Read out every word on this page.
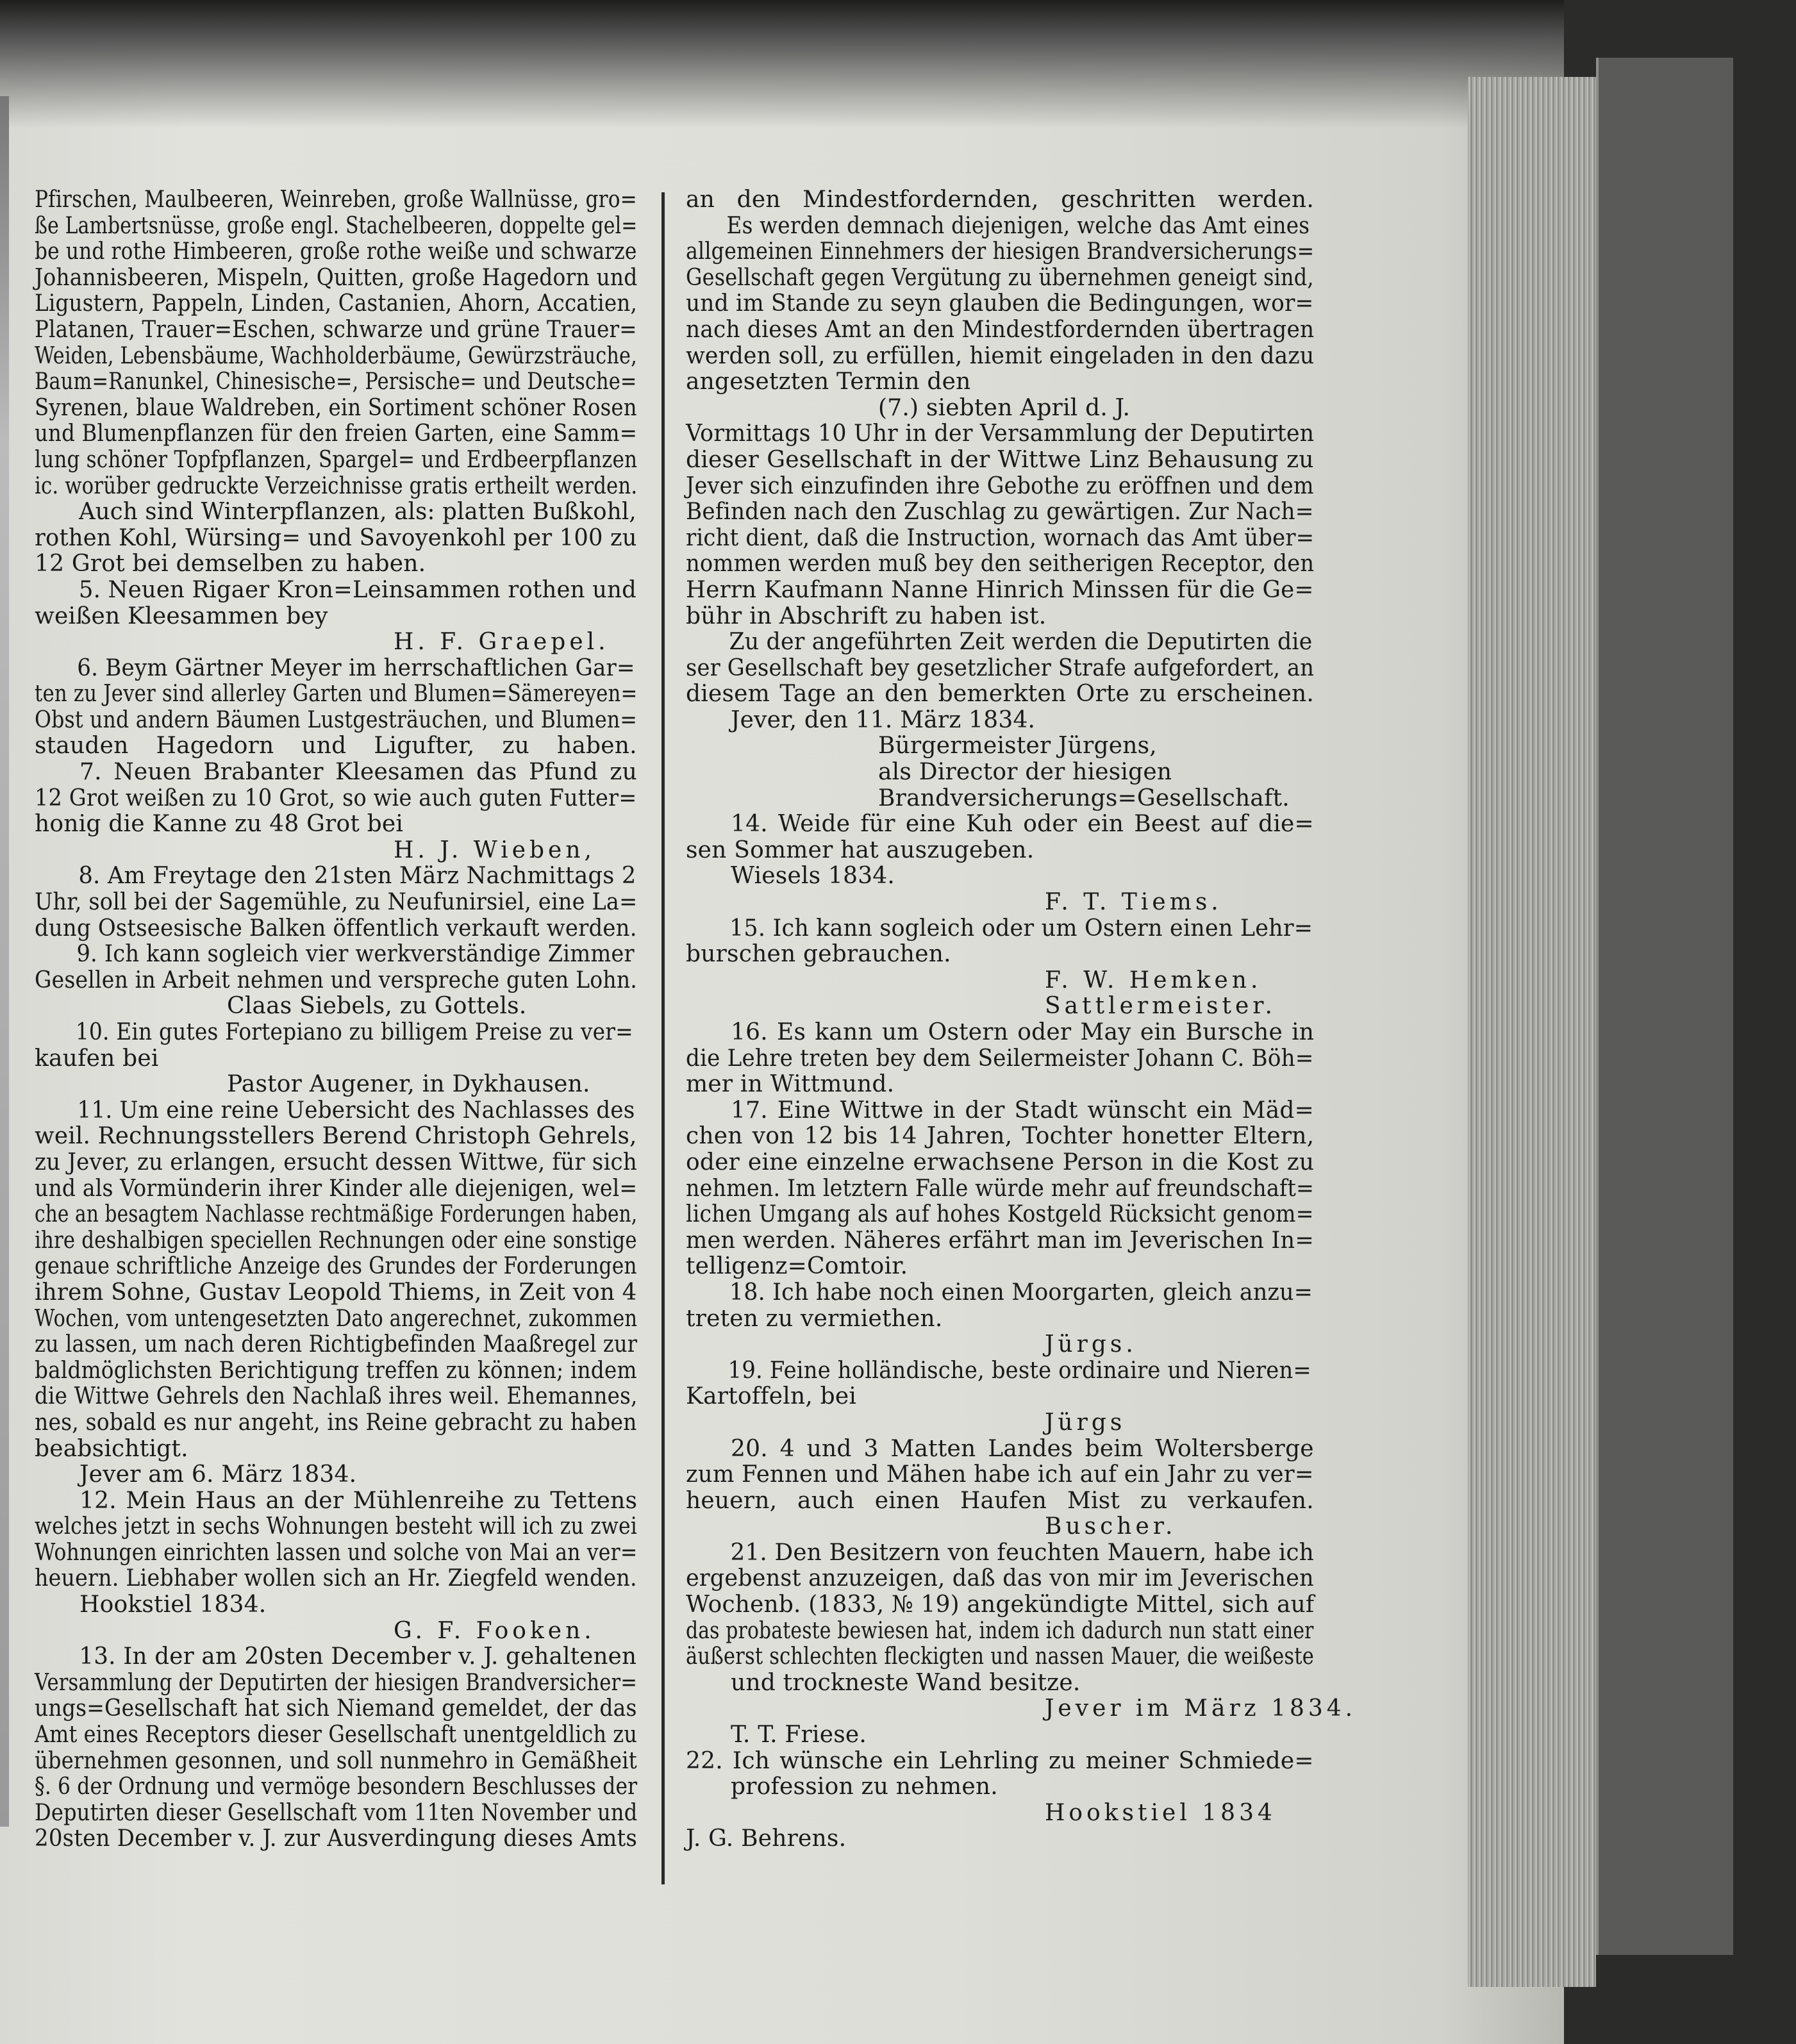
Pfirschen, Maulbeeren, Weinreben, große Wallnüsse, gro=
ße Lambertsnüsse, große engl. Stachelbeeren, doppelte gel=
be und rothe Himbeeren, große rothe weiße und schwarze
Johannisbeeren, Mispeln, Quitten, große Hagedorn und
Ligustern, Pappeln, Linden, Castanien, Ahorn, Accatien,
Platanen, Trauer=Eschen, schwarze und grüne Trauer=
Weiden, Lebensbäume, Wachholderbäume, Gewürzsträuche,
Baum=Ranunkel, Chinesische=, Persische= und Deutsche=
Syrenen, blaue Waldreben, ein Sortiment schöner Rosen
und Blumenpflanzen für den freien Garten, eine Samm=
lung schöner Topfpflanzen, Spargel= und Erdbeerpflanzen
ic. worüber gedruckte Verzeichnisse gratis ertheilt werden.
Auch sind Winterpflanzen, als: platten Bußkohl,
rothen Kohl, Würsing= und Savoyenkohl per 100 zu
12 Grot bei demselben zu haben.
5. Neuen Rigaer Kron=Leinsammen rothen und
weißen Kleesammen bey
H. F. Graepel.
6. Beym Gärtner Meyer im herrschaftlichen Gar=
ten zu Jever sind allerley Garten und Blumen=Sämereyen=
Obst und andern Bäumen Lustgesträuchen, und Blumen=
stauden Hagedorn und Ligufter, zu haben.
7. Neuen Brabanter Kleesamen das Pfund zu
12 Grot weißen zu 10 Grot, so wie auch guten Futter=
honig die Kanne zu 48 Grot bei
H. J. Wieben,
8. Am Freytage den 21sten März Nachmittags 2
Uhr, soll bei der Sagemühle, zu Neufunirsiel, eine La=
dung Ostseesische Balken öffentlich verkauft werden.
9. Ich kann sogleich vier werkverständige Zimmer
Gesellen in Arbeit nehmen und verspreche guten Lohn.
Claas Siebels, zu Gottels.
10. Ein gutes Fortepiano zu billigem Preise zu ver=
kaufen bei
Pastor Augener, in Dykhausen.
11. Um eine reine Uebersicht des Nachlasses des
weil. Rechnungsstellers Berend Christoph Gehrels,
zu Jever, zu erlangen, ersucht dessen Wittwe, für sich
und als Vormünderin ihrer Kinder alle diejenigen, wel=
che an besagtem Nachlasse rechtmäßige Forderungen haben,
ihre deshalbigen speciellen Rechnungen oder eine sonstige
genaue schriftliche Anzeige des Grundes der Forderungen
ihrem Sohne, Gustav Leopold Thiems, in Zeit von 4
Wochen, vom untengesetzten Dato angerechnet, zukommen
zu lassen, um nach deren Richtigbefinden Maaßregel zur
baldmöglichsten Berichtigung treffen zu können; indem
die Wittwe Gehrels den Nachlaß ihres weil. Ehemannes,
nes, sobald es nur angeht, ins Reine gebracht zu haben
beabsichtigt.
Jever am 6. März 1834.
12. Mein Haus an der Mühlenreihe zu Tettens
welches jetzt in sechs Wohnungen besteht will ich zu zwei
Wohnungen einrichten lassen und solche von Mai an ver=
heuern. Liebhaber wollen sich an Hr. Ziegfeld wenden.
Hookstiel 1834.
G. F. Fooken.
13. In der am 20sten December v. J. gehaltenen
Versammlung der Deputirten der hiesigen Brandversicher=
ungs=Gesellschaft hat sich Niemand gemeldet, der das
Amt eines Receptors dieser Gesellschaft unentgeldlich zu
übernehmen gesonnen, und soll nunmehro in Gemäßheit
§. 6 der Ordnung und vermöge besondern Beschlusses der
Deputirten dieser Gesellschaft vom 11ten November und
20sten December v. J. zur Ausverdingung dieses Amts
an den Mindestfordernden, geschritten werden.
Es werden demnach diejenigen, welche das Amt eines
allgemeinen Einnehmers der hiesigen Brandversicherungs=
Gesellschaft gegen Vergütung zu übernehmen geneigt sind,
und im Stande zu seyn glauben die Bedingungen, wor=
nach dieses Amt an den Mindestfordernden übertragen
werden soll, zu erfüllen, hiemit eingeladen in den dazu
angesetzten Termin den
(7.) siebten April d. J.
Vormittags 10 Uhr in der Versammlung der Deputirten
dieser Gesellschaft in der Wittwe Linz Behausung zu
Jever sich einzufinden ihre Gebothe zu eröffnen und dem
Befinden nach den Zuschlag zu gewärtigen. Zur Nach=
richt dient, daß die Instruction, wornach das Amt über=
nommen werden muß bey den seitherigen Receptor, den
Herrn Kaufmann Nanne Hinrich Minssen für die Ge=
bühr in Abschrift zu haben ist.
Zu der angeführten Zeit werden die Deputirten die
ser Gesellschaft bey gesetzlicher Strafe aufgefordert, an
diesem Tage an den bemerkten Orte zu erscheinen.
Jever, den 11. März 1834.
Bürgermeister Jürgens,
als Director der hiesigen
Brandversicherungs=Gesellschaft.
14. Weide für eine Kuh oder ein Beest auf die=
sen Sommer hat auszugeben.
Wiesels 1834.
F. T. Tiems.
15. Ich kann sogleich oder um Ostern einen Lehr=
burschen gebrauchen.
F. W. Hemken.
Sattlermeister.
16. Es kann um Ostern oder May ein Bursche in
die Lehre treten bey dem Seilermeister Johann C. Böh=
mer in Wittmund.
17. Eine Wittwe in der Stadt wünscht ein Mäd=
chen von 12 bis 14 Jahren, Tochter honetter Eltern,
oder eine einzelne erwachsene Person in die Kost zu
nehmen. Im letztern Falle würde mehr auf freundschaft=
lichen Umgang als auf hohes Kostgeld Rücksicht genom=
men werden. Näheres erfährt man im Jeverischen In=
telligenz=Comtoir.
18. Ich habe noch einen Moorgarten, gleich anzu=
treten zu vermiethen.
Jürgs.
19. Feine holländische, beste ordinaire und Nieren=
Kartoffeln, bei
Jürgs
20. 4 und 3 Matten Landes beim Woltersberge
zum Fennen und Mähen habe ich auf ein Jahr zu ver=
heuern, auch einen Haufen Mist zu verkaufen.
Buscher.
21. Den Besitzern von feuchten Mauern, habe ich
ergebenst anzuzeigen, daß das von mir im Jeverischen
Wochenb. (1833, № 19) angekündigte Mittel, sich auf
das probateste bewiesen hat, indem ich dadurch nun statt einer
äußerst schlechten fleckigten und nassen Mauer, die weißeste
und trockneste Wand besitze.
Jever im März 1834.
T. T. Friese.
22. Ich wünsche ein Lehrling zu meiner Schmiede=
profession zu nehmen.
Hookstiel 1834
J. G. Behrens.
